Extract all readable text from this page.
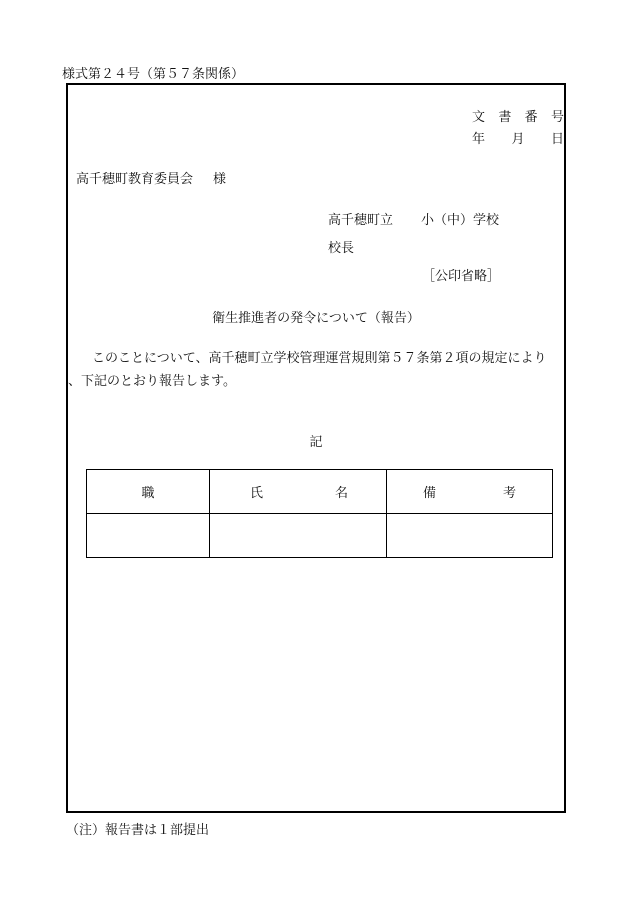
様式第２４号（第５７条関係）
文 書 番 号
年 月 日
高千穂町教育委員会 様
高千穂町立 小（中）学校
校長
［公印省略］
衛生推進者の発令について（報告）
このことについて、高千穂町立学校管理運営規則第５７条第２項の規定により
、下記のとおり報告します。
記
職	氏 名	備 考

（注）報告書は１部提出
